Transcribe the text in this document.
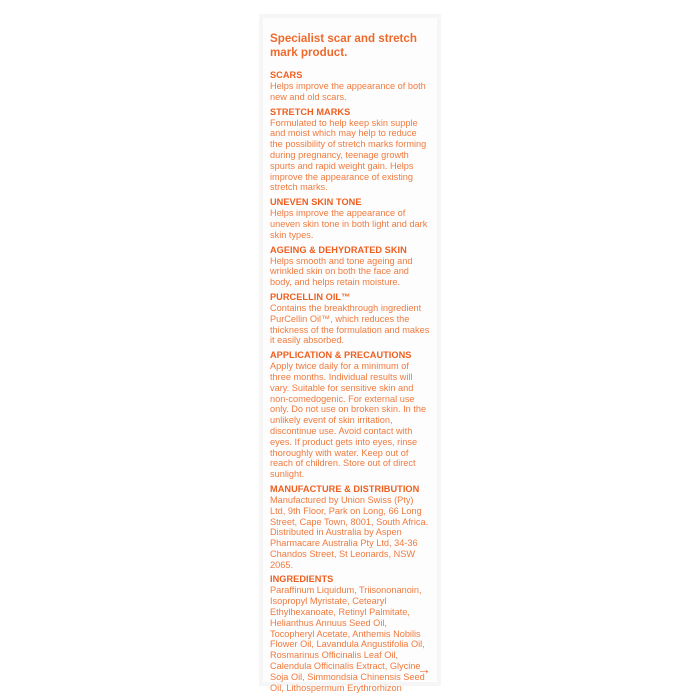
Specialist scar and stretch mark product.
SCARS
Helps improve the appearance of both new and old scars.
STRETCH MARKS
Formulated to help keep skin supple and moist which may help to reduce the possibility of stretch marks forming during pregnancy, teenage growth spurts and rapid weight gain. Helps improve the appearance of existing stretch marks.
UNEVEN SKIN TONE
Helps improve the appearance of uneven skin tone in both light and dark skin types.
AGEING & DEHYDRATED SKIN
Helps smooth and tone ageing and wrinkled skin on both the face and body, and helps retain moisture.
PURCELLIN OIL™
Contains the breakthrough ingredient PurCellin Oil™, which reduces the thickness of the formulation and makes it easily absorbed.
APPLICATION & PRECAUTIONS
Apply twice daily for a minimum of three months. Individual results will vary. Suitable for sensitive skin and non-comedogenic. For external use only. Do not use on broken skin. In the unlikely event of skin irritation, discontinue use. Avoid contact with eyes. If product gets into eyes, rinse thoroughly with water. Keep out of reach of children. Store out of direct sunlight.
MANUFACTURE & DISTRIBUTION
Manufactured by Union Swiss (Pty) Ltd, 9th Floor, Park on Long, 66 Long Street, Cape Town, 8001, South Africa. Distributed in Australia by Aspen Pharmacare Australia Pty Ltd, 34-36 Chandos Street, St Leonards, NSW 2065.
INGREDIENTS
Paraffinum Liquidum, Triisononanoin, Isopropyl Myristate, Cetearyl Ethylhexanoate, Retinyl Palmitate, Helianthus Annuus Seed Oil, Tocopheryl Acetate, Anthemis Nobilis Flower Oil, Lavandula Angustifolia Oil, Rosmarinus Officinalis Leaf Oil, Calendula Officinalis Extract, Glycine Soja Oil, Simmondsia Chinensis Seed Oil, Lithospermum Erythrorhizon
→
